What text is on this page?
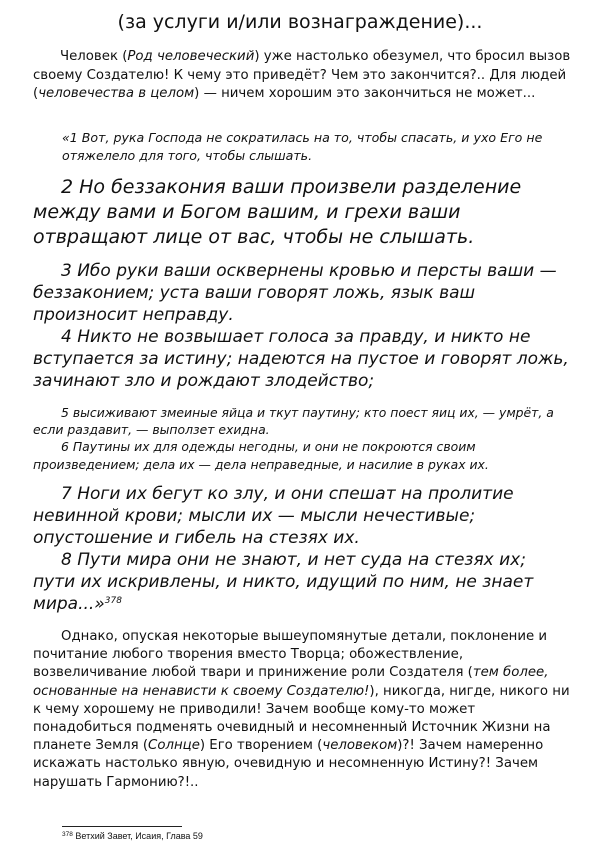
(за услуги и/или вознаграждение)...

Человек (Род человеческий) уже настолько обезумел, что бросил вызов своему Создателю! К чему это приведёт? Чем это закончится?.. Для людей (человечества в целом) — ничем хорошим это закончиться не может...

«1 Вот, рука Господа не сократилась на то, чтобы спасать, и ухо Его не отяжелело для того, чтобы слышать.

2 Но беззакония ваши произвели разделение между вами и Богом вашим, и грехи ваши отвращают лице от вас, чтобы не слышать.

3 Ибо руки ваши осквернены кровью и персты ваши — беззаконием; уста ваши говорят ложь, язык ваш произносит неправду.
4 Никто не возвышает голоса за правду, и никто не вступается за истину; надеются на пустое и говорят ложь, зачинают зло и рождают злодейство;

5 высиживают змеиные яйца и ткут паутину; кто поест яиц их, — умрёт, а если раздавит, — выползет ехидна.
6 Паутины их для одежды негодны, и они не покроются своим произведением; дела их — дела неправедные, и насилие в руках их.

7 Ноги их бегут ко злу, и они спешат на пролитие невинной крови; мысли их — мысли нечестивые; опустошение и гибель на стезях их.
8 Пути мира они не знают, и нет суда на стезях их; пути их искривлены, и никто, идущий по ним, не знает мира...»$^{378}$

Однако, опуская некоторые вышеупомянутые детали, поклонение и почитание любого творения вместо Творца; обожествление, возвеличивание любой твари и принижение роли Создателя (тем более, основанные на ненависти к своему Создателю!), никогда, нигде, никого ни к чему хорошему не приводили! Зачем вообще кому-то может понадобиться подменять очевидный и несомненный Источник Жизни на планете Земля (Солнце) Его творением (человеком)?! Зачем намеренно искажать настолько явную, очевидную и несомненную Истину?! Зачем нарушать Гармонию?!..

$^{378}$ Ветхий Завет, Исаия, Глава 59
